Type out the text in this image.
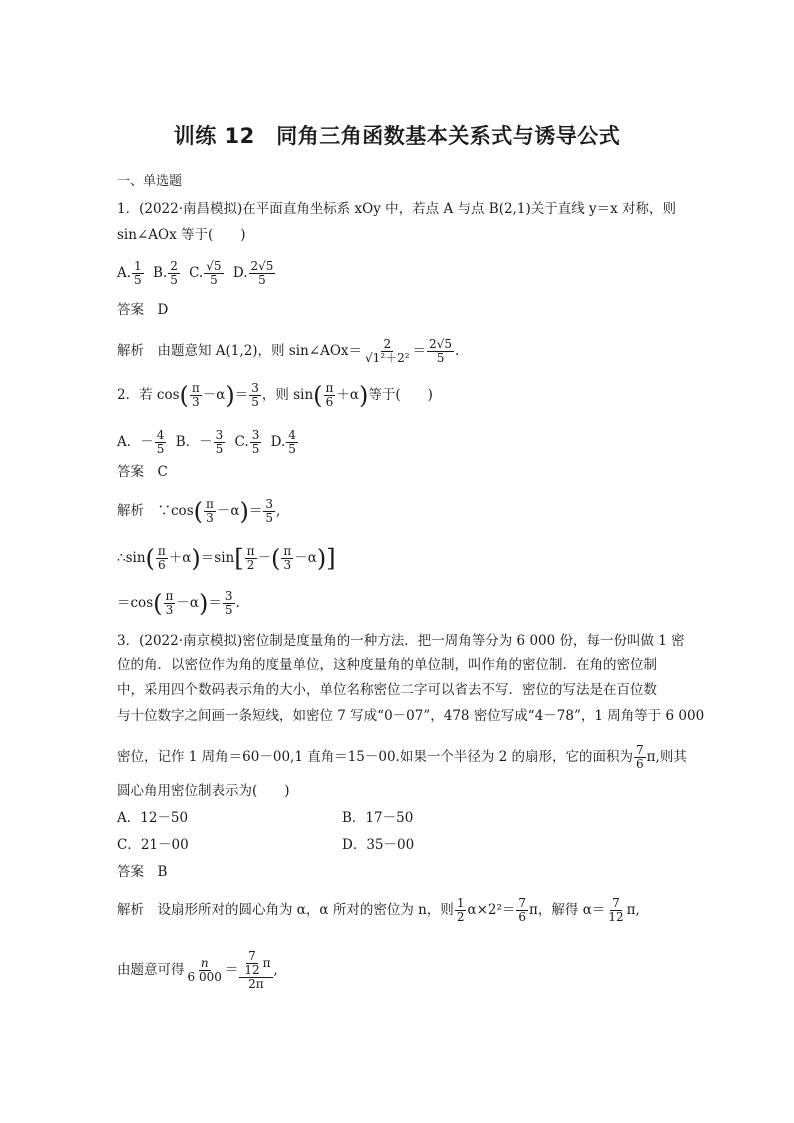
训练 12　同角三角函数基本关系式与诱导公式
一、单选题
1．(2022·南昌模拟)在平面直角坐标系 xOy 中，若点 A 与点 B(2,1)关于直线 y＝x 对称，则
sin∠AOx 等于(　　)
A. $\frac{1}{5} B$. $\frac{2}{5} C$. $\frac{√5}{5} D$. $\frac{2√5}{5}$
答案　 D
解析　 由题意知 A(1,2)，则 sin∠AOx＝ $\frac{2}{\text{√1²＋2²}} = \frac{2√5}{5}$ .
2．若 $\cos( \frac{\pi}{3} -\alpha)= \frac{3}{5}$ ，则 $\sin( \frac{\pi}{6} +\alpha)$等于(　　)
A．－ $\frac{4}{5}$ B．－ $\frac{3}{5} C$. $\frac{3}{5} D$. $\frac{4}{5}$
答案　 C
解析　 ∵cos( $\frac{\pi}{3} -\alpha)= \frac{3}{5}$ ,
∴sin( $\frac{\pi}{6} +\alpha)=\sin[ \frac{\pi}{2}$ －( $\frac{\pi}{3} -\alpha$)]
$=\cos( \frac{\pi}{3} -\alpha)= \frac{3}{5}$ .
3．(2022·南京模拟)密位制是度量角的一种方法．把一周角等分为 6 000 份，每一份叫做 1 密
位的角．以密位作为角的度量单位，这种度量角的单位制，叫作角的密位制．在角的密位制
中，采用四个数码表示角的大小，单位名称密位二字可以省去不写．密位的写法是在百位数
与十位数字之间画一条短线，如密位 7 写成“0－07”，478 密位写成“4－78”，1 周角等于 6 000
密位，记作 1 周角＝60－00,1 直角＝15－00.如果一个半径为 2 的扇形，它的面积为 $\frac{7}{6} \pi$,则其
圆心角用密位制表示为(　　)
A．12－50	B．17－50
C．21－00	D．35－00
答案　 B
解析　 设扇形所对的圆心角为 α，α 所对的密位为 n，则 $\frac{1}{2} \alpha\times 2^2= \frac{7}{6}$ π，解得 $\alpha= \frac{7}{12} \pi$,
由题意可得 $\frac{n}{6 000} = \frac{\frac{7}{12} \pi}{2\pi}$ ,
